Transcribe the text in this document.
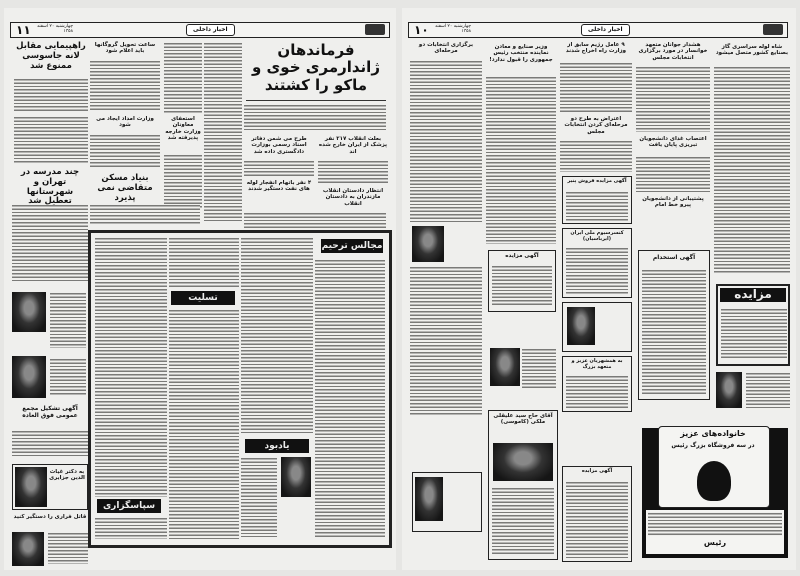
۱۱	چهارشنبه ۲۰ اسفند ۱۳۵۸	اخبار داخلی
فرماندهان ژاندارمری خوی و ماکو را کشتند
راهپیمایی مقابل لانه جاسوسی ممنوع شد
ساعت تحویل گروگانها باید اعلام شود
وزارت امداد ایجاد می شود
استعفای معاونان وزارت خارجه پذیرفته شد	طرح می شمن دفاتر اسناد رسمی بوزارت دادگستری داده شد
بعلت انقلاب ۲۱۷ نفر پزشک از ایران خارج شده اند
۴ نفر باتهام انفجار لوله های نفت دستگیر شدند	انتظار دادستان انقلاب مازندران به دادستان انقلاب
چند مدرسه در تهران و شهرستانها تعطیل شد
بنیاد مسکن متقاضی نمی پذیرد
آگهی تشکیل مجمع عمومی فوق العاده
به دکتر غیاث الدین جزایری
قاتل فراری را دستگیر کنید
مجالس ترحیم
یادبود
تسلیت
سپاسگزاری
۱۰	چهارشنبه ۲۰ اسفند ۱۳۵۸	اخبار داخلی
برگزاری انتخابات دو مرحله‌ای
وزیر صنایع و معادن نماینده منتخب رئیس جمهوری را قبول ندارد!
آگهی مزایده
آقای حاج سید علیقلی ملکی (کاموسی)
۹ عامل رژیم سابق از وزارت راه اخراج شدند
اعتراض به طرح دو مرحله‌ای کردن انتخابات مجلس
آگهی مزایده فروش پنیر
کنسرسیوم ملی ایران (ایرباسیان)
به همشهریان عزیز و متعهد بزرگ
آگهی مزایده
هشدار جوانان متعهد خوانسار در مورد برگزاری انتخابات مجلس
اعتصاب غذای دانشجویان تبریزی پایان یافت
پشتیبانی از دانشجویان پیرو خط امام
آگهی استخدام
شاه لوله سراسری گاز بصنایع کشور متصل میشود
مزایده
خانواده‌های عزیز
در سه فروشگاه بزرگ رئیس
رئیس
